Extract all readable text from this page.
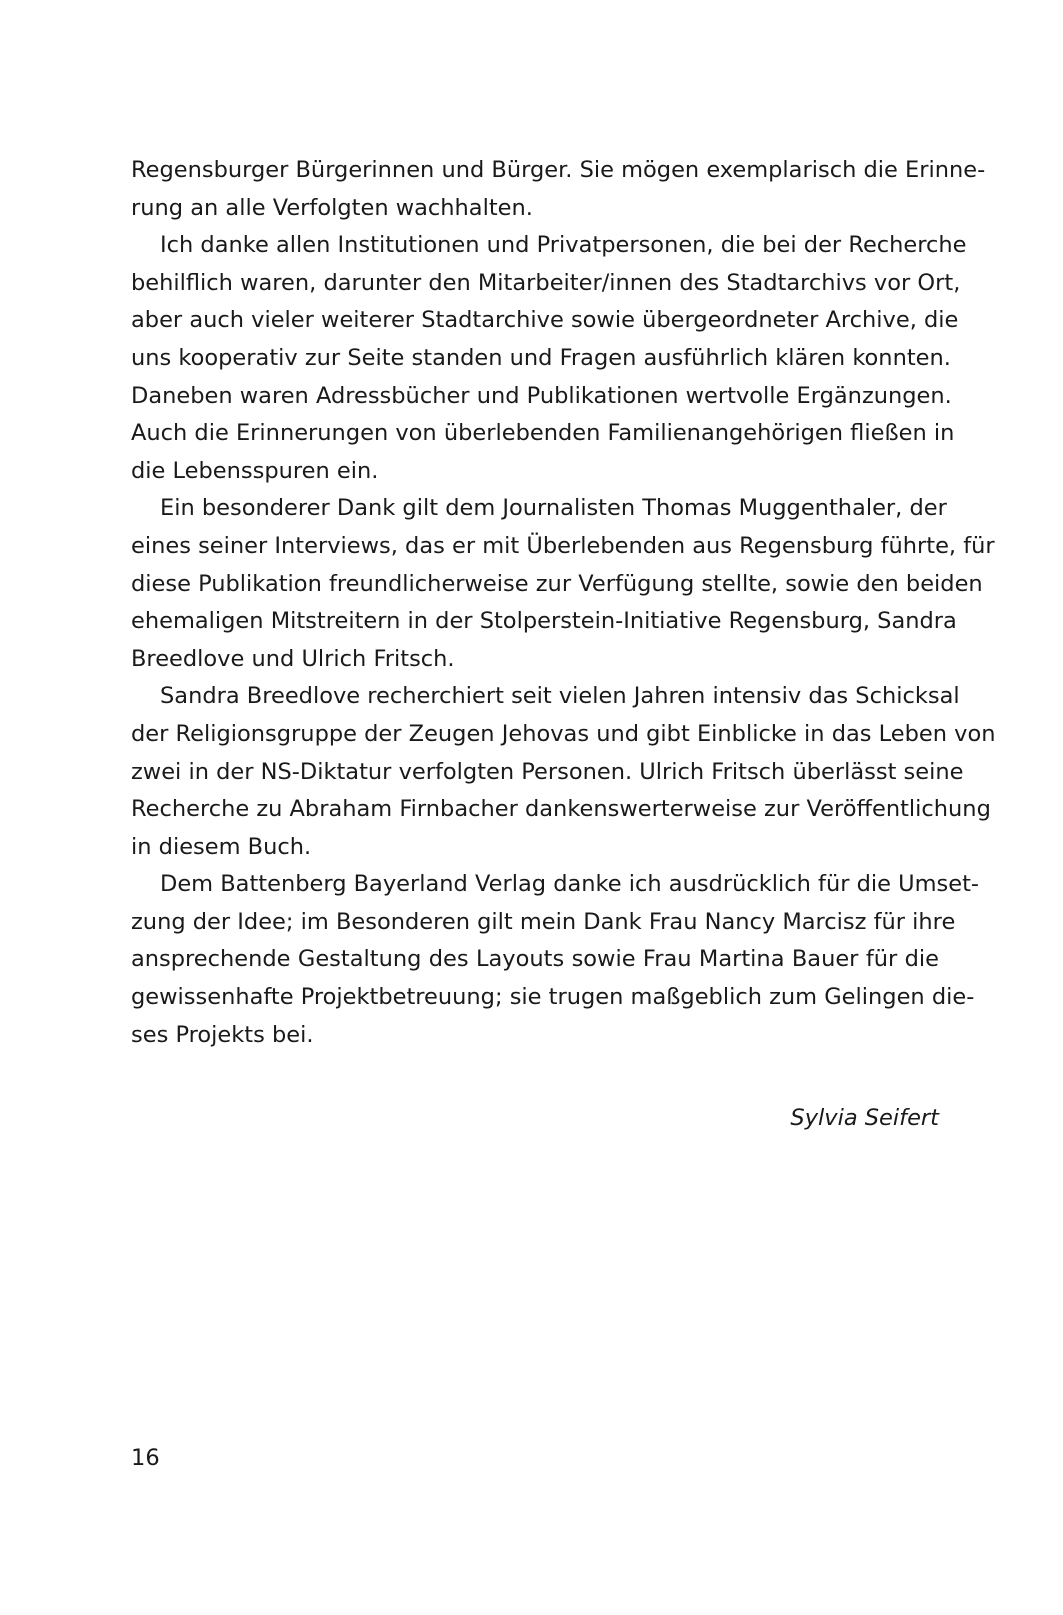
Regensburger Bürgerinnen und Bürger. Sie mögen exemplarisch die Erinne-
rung an alle Verfolgten wachhalten.
Ich danke allen Institutionen und Privatpersonen, die bei der Recherche
behilflich waren, darunter den Mitarbeiter/innen des Stadtarchivs vor Ort,
aber auch vieler weiterer Stadtarchive sowie übergeordneter Archive, die
uns kooperativ zur Seite standen und Fragen ausführlich klären konnten.
Daneben waren Adressbücher und Publikationen wertvolle Ergänzungen.
Auch die Erinnerungen von überlebenden Familienangehörigen fließen in
die Lebensspuren ein.
Ein besonderer Dank gilt dem Journalisten Thomas Muggenthaler, der
eines seiner Interviews, das er mit Überlebenden aus Regensburg führte, für
diese Publikation freundlicherweise zur Verfügung stellte, sowie den beiden
ehemaligen Mitstreitern in der Stolperstein-Initiative Regensburg, Sandra
Breedlove und Ulrich Fritsch.
Sandra Breedlove recherchiert seit vielen Jahren intensiv das Schicksal
der Religionsgruppe der Zeugen Jehovas und gibt Einblicke in das Leben von
zwei in der NS-Diktatur verfolgten Personen. Ulrich Fritsch überlässt seine
Recherche zu Abraham Firnbacher dankenswerterweise zur Veröffentlichung
in diesem Buch.
Dem Battenberg Bayerland Verlag danke ich ausdrücklich für die Umset-
zung der Idee; im Besonderen gilt mein Dank Frau Nancy Marcisz für ihre
ansprechende Gestaltung des Layouts sowie Frau Martina Bauer für die
gewissenhafte Projektbetreuung; sie trugen maßgeblich zum Gelingen die-
ses Projekts bei.
Sylvia Seifert
16
